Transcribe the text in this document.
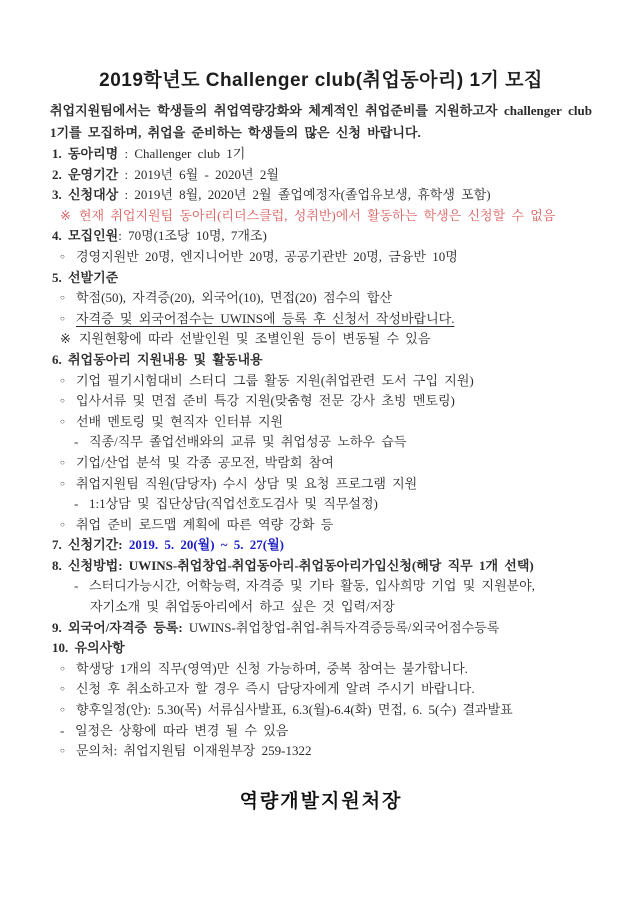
2019학년도 Challenger club(취업동아리) 1기 모집

취업지원팀에서는 학생들의 취업역량강화와 체계적인 취업준비를 지원하고자 challenger club 1기를 모집하며, 취업을 준비하는 학생들의 많은 신청 바랍니다.

1. 동아리명 : Challenger club 1기
2. 운영기간 : 2019년 6월 - 2020년 2월
3. 신청대상 : 2019년 8월, 2020년 2월 졸업예정자(졸업유보생, 휴학생 포함)
※ 현재 취업지원팀 동아리(리더스클럽, 성취반)에서 활동하는 학생은 신청할 수 없음
4. 모집인원: 70명(1조당 10명, 7개조)
○ 경영지원반 20명, 엔지니어반 20명, 공공기관반 20명, 금융반 10명
5. 선발기준
○ 학점(50), 자격증(20), 외국어(10), 면접(20) 점수의 합산
○ 자격증 및 외국어점수는 UWINS에 등록 후 신청서 작성바랍니다.
※ 지원현황에 따라 선발인원 및 조별인원 등이 변동될 수 있음
6. 취업동아리 지원내용 및 활동내용
○ 기업 필기시험대비 스터디 그룹 활동 지원(취업관련 도서 구입 지원)
○ 입사서류 및 면접 준비 특강 지원(맞춤형 전문 강사 초빙 멘토링)
○ 선배 멘토링 및 현직자 인터뷰 지원
- 직종/직무 졸업선배와의 교류 및 취업성공 노하우 습득
○ 기업/산업 분석 및 각종 공모전, 박람회 참여
○ 취업지원팀 직원(담당자) 수시 상담 및 요청 프로그램 지원
- 1:1상담 및 집단상담(직업선호도검사 및 직무설정)
○ 취업 준비 로드맵 계획에 따른 역량 강화 등
7. 신청기간: 2019. 5. 20(월) ~ 5. 27(월)
8. 신청방법: UWINS-취업창업-취업동아리-취업동아리가입신청(해당 직무 1개 선택)
- 스터디가능시간, 어학능력, 자격증 및 기타 활동, 입사희망 기업 및 지원분야,
자기소개 및 취업동아리에서 하고 싶은 것 입력/저장
9. 외국어/자격증 등록: UWINS-취업창업-취업-취득자격증등록/외국어점수등록
10. 유의사항
○ 학생당 1개의 직무(영역)만 신청 가능하며, 중복 참여는 불가합니다.
○ 신청 후 취소하고자 할 경우 즉시 담당자에게 알려 주시기 바랍니다.
○ 향후일정(안): 5.30(목) 서류심사발표, 6.3(월)-6.4(화) 면접, 6. 5(수) 결과발표
- 일정은 상황에 따라 변경 될 수 있음
○ 문의처: 취업지원팀 이재원부장 259-1322
역량개발지원처장
